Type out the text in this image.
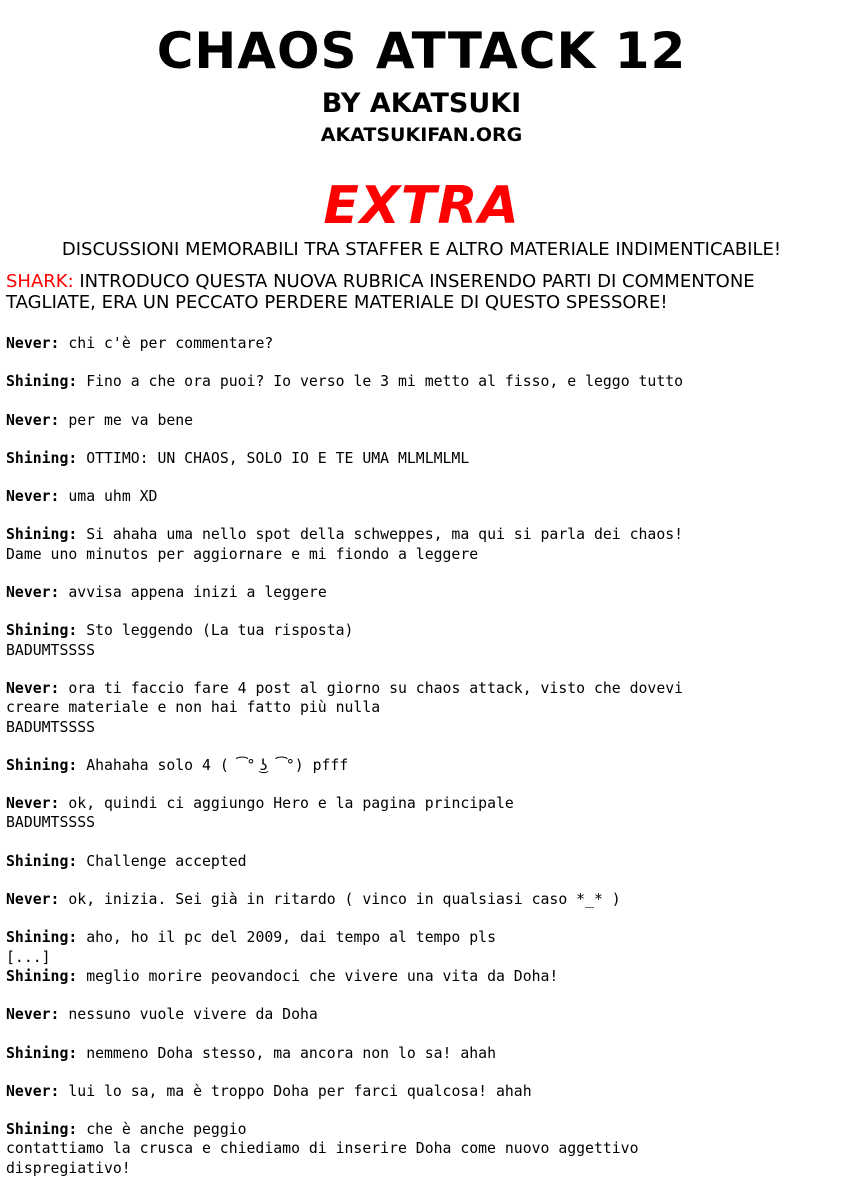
CHAOS ATTACK 12
BY AKATSUKI
AKATSUKIFAN.ORG
EXTRA
DISCUSSIONI MEMORABILI TRA STAFFER E ALTRO MATERIALE INDIMENTICABILE!
SHARK: INTRODUCO QUESTA NUOVA RUBRICA INSERENDO PARTI DI COMMENTONE TAGLIATE, ERA UN PECCATO PERDERE MATERIALE DI QUESTO SPESSORE!
Never: chi c'è per commentare?
Shining: Fino a che ora puoi? Io verso le 3 mi metto al fisso, e leggo tutto
Never: per me va bene
Shining: OTTIMO: UN CHAOS, SOLO IO E TE UMA MLMLMLML
Never: uma uhm XD
Shining: Si ahaha uma nello spot della schweppes, ma qui si parla dei chaos!
Dame uno minutos per aggiornare e mi fiondo a leggere
Never: avvisa appena inizi a leggere
Shining: Sto leggendo (La tua risposta)
BADUMTSSSS
Never: ora ti faccio fare 4 post al giorno su chaos attack, visto che dovevi
creare materiale e non hai fatto più nulla
BADUMTSSSS
Shining: Ahahaha solo 4 ( ͡° ͜ʖ ͡°) pfff
Never: ok, quindi ci aggiungo Hero e la pagina principale
BADUMTSSSS
Shining: Challenge accepted
Never: ok, inizia. Sei già in ritardo ( vinco in qualsiasi caso *_* )
Shining: aho, ho il pc del 2009, dai tempo al tempo pls
[...]
Shining: meglio morire peovandoci che vivere una vita da Doha!
Never: nessuno vuole vivere da Doha
Shining: nemmeno Doha stesso, ma ancora non lo sa! ahah
Never: lui lo sa, ma è troppo Doha per farci qualcosa! ahah
Shining: che è anche peggio
contattiamo la crusca e chiediamo di inserire Doha come nuovo aggettivo
dispregiativo!
